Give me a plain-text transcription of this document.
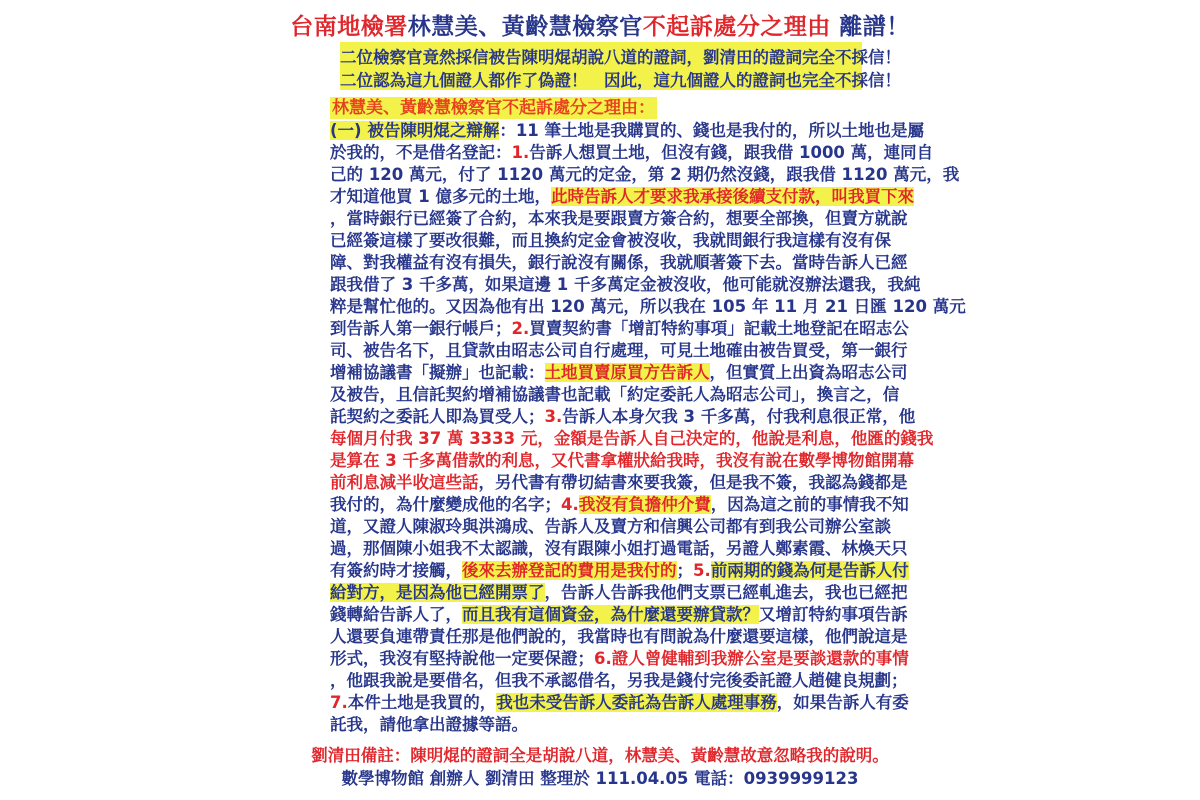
台南地檢署林慧美、黃齡慧檢察官不起訴處分之理由 離譜！
二位檢察官竟然採信被告陳明焜胡說八道的證詞，劉清田的證詞完全不採信！
二位認為這九個證人都作了偽證！　因此，這九個證人的證詞也完全不採信！
林慧美、黃齡慧檢察官不起訴處分之理由：
(一) 被告陳明焜之辯解：11 筆土地是我購買的、錢也是我付的，所以土地也是屬
於我的，不是借名登記：1.告訴人想買土地，但沒有錢，跟我借 1000 萬，連同自
己的 120 萬元，付了 1120 萬元的定金，第 2 期仍然沒錢，跟我借 1120 萬元，我
才知道他買 1 億多元的土地，此時告訴人才要求我承接後續支付款，叫我買下來
，當時銀行已經簽了合約，本來我是要跟賣方簽合約，想要全部換，但賣方就說
已經簽這樣了要改很難，而且換約定金會被沒收，我就問銀行我這樣有沒有保
障、對我權益有沒有損失，銀行說沒有關係，我就順著簽下去。當時告訴人已經
跟我借了 3 千多萬，如果這邊 1 千多萬定金被沒收，他可能就沒辦法還我，我純
粹是幫忙他的。又因為他有出 120 萬元，所以我在 105 年 11 月 21 日匯 120 萬元
到告訴人第一銀行帳戶；2.買賣契約書「增訂特約事項」記載土地登記在昭志公
司、被告名下，且貸款由昭志公司自行處理，可見土地確由被告買受，第一銀行
增補協議書「擬辦」也記載：土地買賣原買方告訴人，但實質上出資為昭志公司
及被告，且信託契約增補協議書也記載「約定委託人為昭志公司」，換言之，信
託契約之委託人即為買受人；3.告訴人本身欠我 3 千多萬，付我利息很正常，他
每個月付我 37 萬 3333 元，金額是告訴人自己決定的，他說是利息，他匯的錢我
是算在 3 千多萬借款的利息，又代書拿權狀給我時，我沒有說在數學博物館開幕
前利息減半收這些話，另代書有帶切結書來要我簽，但是我不簽，我認為錢都是
我付的，為什麼變成他的名字；4.我沒有負擔仲介費，因為這之前的事情我不知
道，又證人陳淑玲與洪鴻成、告訴人及賣方和信興公司都有到我公司辦公室談
過，那個陳小姐我不太認識，沒有跟陳小姐打過電話，另證人鄭素霞、林煥天只
有簽約時才接觸，後來去辦登記的費用是我付的；5.前兩期的錢為何是告訴人付
給對方，是因為他已經開票了，告訴人告訴我他們支票已經軋進去，我也已經把
錢轉給告訴人了，而且我有這個資金，為什麼還要辦貸款？又增訂特約事項告訴
人還要負連帶責任那是他們說的，我當時也有問說為什麼還要這樣，他們說這是
形式，我沒有堅持說他一定要保證；6.證人曾健輔到我辦公室是要談還款的事情
，他跟我說是要借名，但我不承認借名，另我是錢付完後委託證人趙健良規劃；
7.本件土地是我買的，我也未受告訴人委託為告訴人處理事務，如果告訴人有委
託我，請他拿出證據等語。
劉清田備註：陳明焜的證詞全是胡說八道，林慧美、黃齡慧故意忽略我的說明。
數學博物館 創辦人 劉清田 整理於 111.04.05 電話：0939999123
